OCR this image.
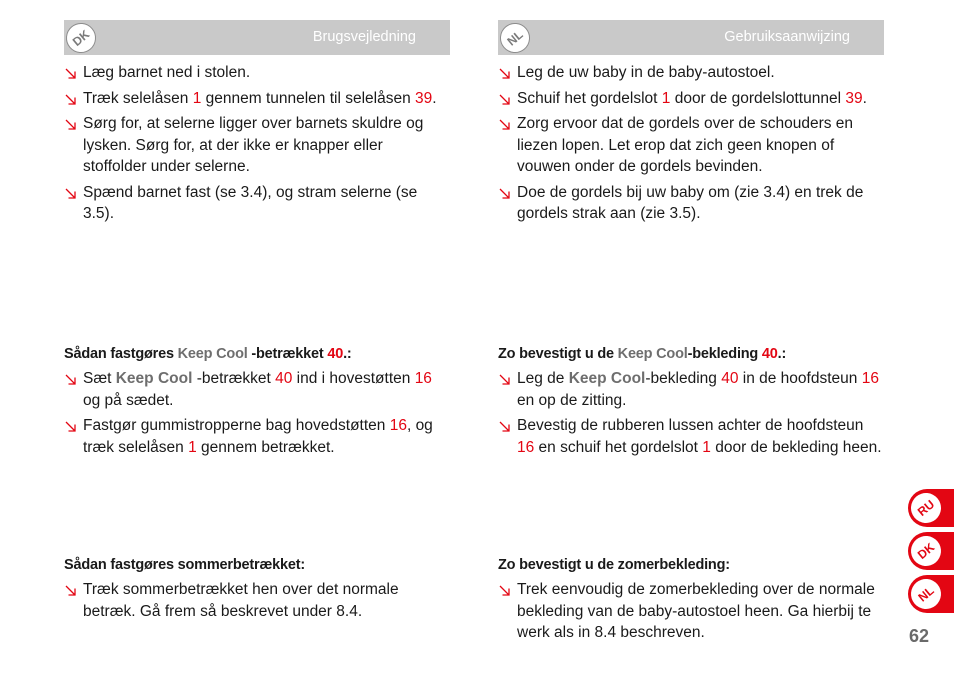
DK	Brugsvejledning

Læg barnet ned i stolen.

Træk selelåsen 1 gennem tunnelen til selelåsen 39.

Sørg for, at selerne ligger over barnets skuldre og lysken. Sørg for, at der ikke er knapper eller stoffolder under selerne.

Spænd barnet fast (se 3.4), og stram selerne (se 3.5).

Sådan fastgøres Keep Cool -betrækket 40.:

Sæt Keep Cool -betrækket 40 ind i hovestøtten 16 og på sædet.

Fastgør gummistropperne bag hovedstøtten 16, og træk selelåsen 1 gennem betrækket.

Sådan fastgøres sommerbetrækket:

Træk sommerbetrækket hen over det normale betræk. Gå frem så beskrevet under 8.4.

NL	Gebruiksaanwijzing

Leg de uw baby in de baby-autostoel.

Schuif het gordelslot 1 door de gordelslottunnel 39.

Zorg ervoor dat de gordels over de schouders en liezen lopen. Let erop dat zich geen knopen of vouwen onder de gordels bevinden.

Doe de gordels bij uw baby om (zie 3.4) en trek de gordels strak aan (zie 3.5).

Zo bevestigt u de Keep Cool-bekleding 40.:

Leg de Keep Cool-bekleding 40 in de hoofdsteun 16 en op de zitting.

Bevestig de rubberen lussen achter de hoofdsteun 16 en schuif het gordelslot 1 door de bekleding heen.

Zo bevestigt u de zomerbekleding:

Trek eenvoudig de zomerbekleding over de normale bekleding van de baby-autostoel heen. Ga hierbij te werk als in 8.4 beschreven.

RU
DK
NL
62
